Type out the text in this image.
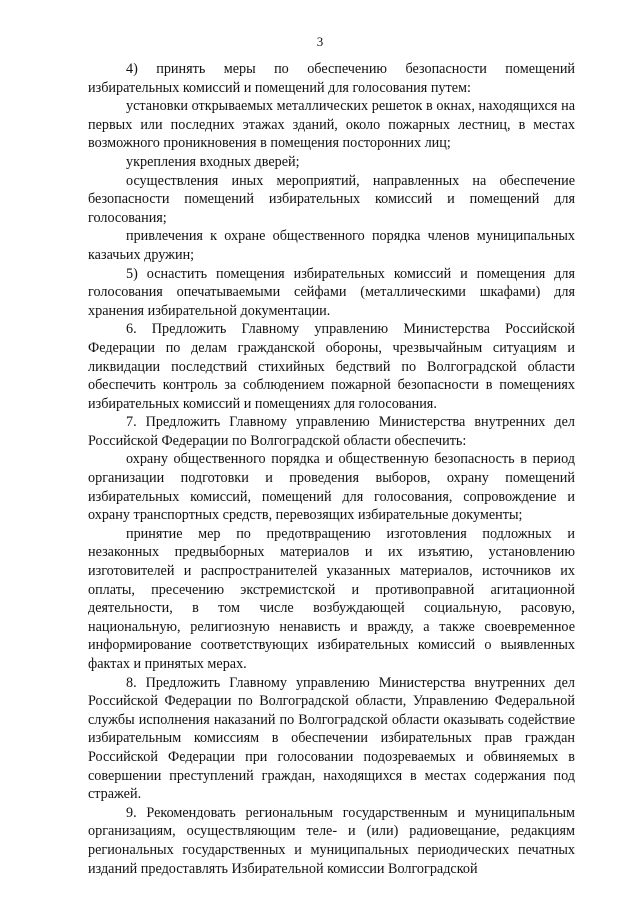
3

4) принять меры по обеспечению безопасности помещений избирательных комиссий и помещений для голосования путем:

установки открываемых металлических решеток в окнах, находящихся на первых или последних этажах зданий, около пожарных лестниц, в местах возможного проникновения в помещения посторонних лиц;

укрепления входных дверей;

осуществления иных мероприятий, направленных на обеспечение безопасности помещений избирательных комиссий и помещений для голосования;

привлечения к охране общественного порядка членов муниципальных казачьих дружин;

5) оснастить помещения избирательных комиссий и помещения для голосования опечатываемыми сейфами (металлическими шкафами) для хранения избирательной документации.

6. Предложить Главному управлению Министерства Российской Федерации по делам гражданской обороны, чрезвычайным ситуациям и ликвидации последствий стихийных бедствий по Волгоградской области обеспечить контроль за соблюдением пожарной безопасности в помещениях избирательных комиссий и помещениях для голосования.

7. Предложить Главному управлению Министерства внутренних дел Российской Федерации по Волгоградской области обеспечить:

охрану общественного порядка и общественную безопасность в период организации подготовки и проведения выборов, охрану помещений избирательных комиссий, помещений для голосования, сопровождение и охрану транспортных средств, перевозящих избирательные документы;

принятие мер по предотвращению изготовления подложных и незаконных предвыборных материалов и их изъятию, установлению изготовителей и распространителей указанных материалов, источников их оплаты, пресечению экстремистской и противоправной агитационной деятельности, в том числе возбуждающей социальную, расовую, национальную, религиозную ненависть и вражду, а также своевременное информирование соответствующих избирательных комиссий о выявленных фактах и принятых мерах.

8. Предложить Главному управлению Министерства внутренних дел Российской Федерации по Волгоградской области, Управлению Федеральной службы исполнения наказаний по Волгоградской области оказывать содействие избирательным комиссиям в обеспечении избирательных прав граждан Российской Федерации при голосовании подозреваемых и обвиняемых в совершении преступлений граждан, находящихся в местах содержания под стражей.

9. Рекомендовать региональным государственным и муниципальным организациям, осуществляющим теле- и (или) радиовещание, редакциям региональных государственных и муниципальных периодических печатных изданий предоставлять Избирательной комиссии Волгоградской
